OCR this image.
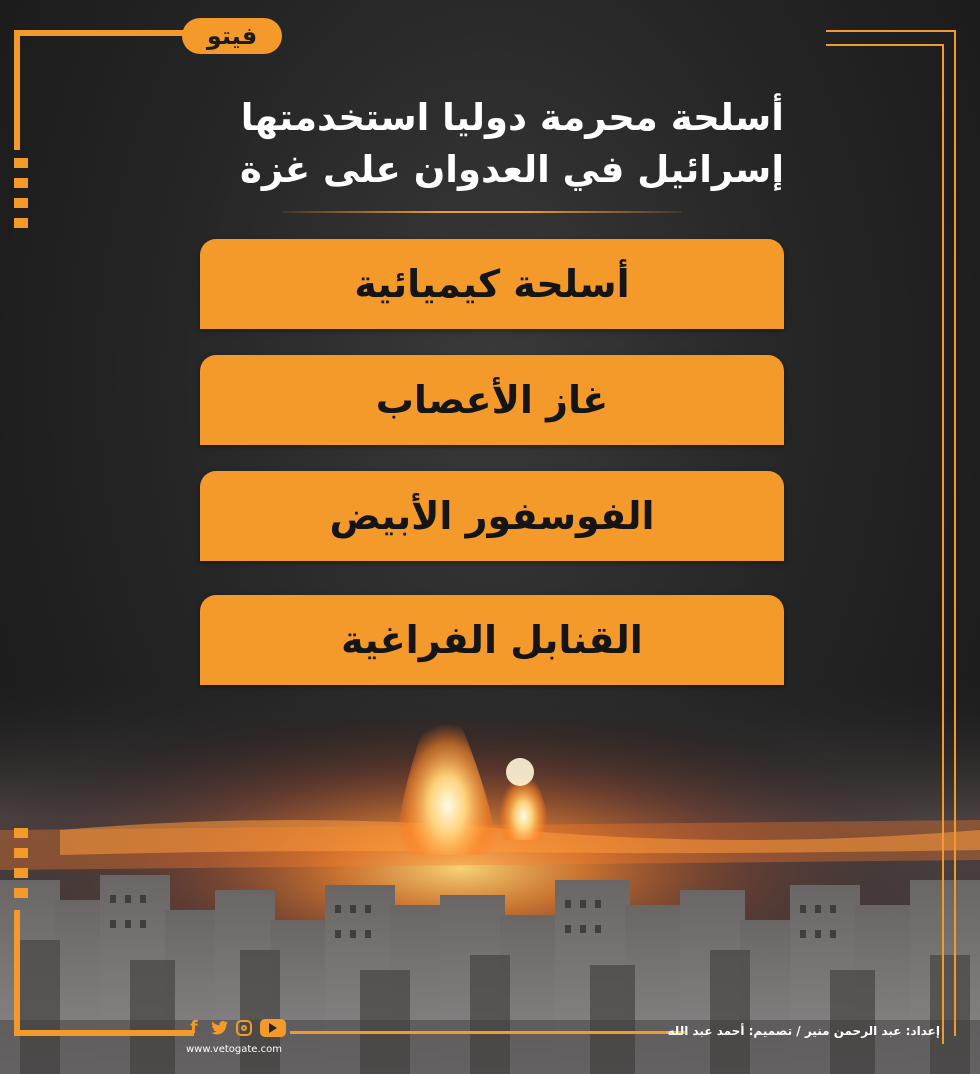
فيتو
أسلحة محرمة دوليا استخدمتها
إسرائيل في العدوان على غزة
أسلحة كيميائية
غاز الأعصاب
الفوسفور الأبيض
القنابل الفراغية
f
www.vetogate.com
إعداد: عبد الرحمن منير / تصميم: أحمد عبد الله
